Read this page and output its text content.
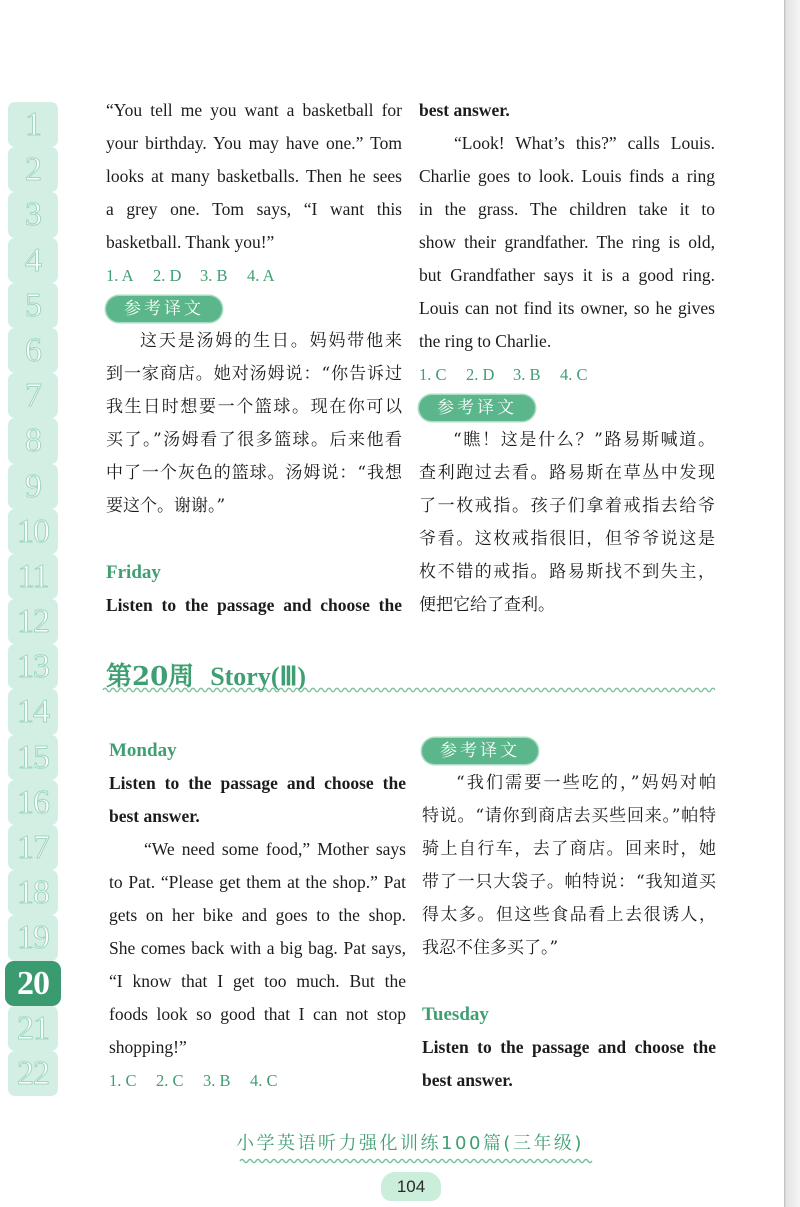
1
2
3
4
5
6
7
8
9
10
11
12
13
14
15
16
17
18
19
20
21
22
“You tell me you want a basketball for
your birthday. You may have one.” Tom
looks at many basketballs. Then he sees
a grey one. Tom says, “I want this
basketball. Thank you!”
1. A 2. D 3. B 4. A
参考译文
这天是汤姆的生日。妈妈带他来
到一家商店。她对汤姆说：“你告诉过
我生日时想要一个篮球。现在你可以
买了。”汤姆看了很多篮球。后来他看
中了一个灰色的篮球。汤姆说：“我想
要这个。谢谢。”
Friday
Listen to the passage and choose the
best answer.
“Look! What’s this?” calls Louis.
Charlie goes to look. Louis finds a ring
in the grass. The children take it to
show their grandfather. The ring is old,
but Grandfather says it is a good ring.
Louis can not find its owner, so he gives
the ring to Charlie.
1. C 2. D 3. B 4. C
参考译文
“瞧！这是什么？”路易斯喊道。
查利跑过去看。路易斯在草丛中发现
了一枚戒指。孩子们拿着戒指去给爷
爷看。这枚戒指很旧，但爷爷说这是
枚不错的戒指。路易斯找不到失主，
便把它给了查利。
第20周 Story(Ⅲ)
Monday
Listen to the passage and choose the
best answer.
“We need some food,” Mother says
to Pat. “Please get them at the shop.” Pat
gets on her bike and goes to the shop.
She comes back with a big bag. Pat says,
“I know that I get too much. But the
foods look so good that I can not stop
shopping!”
1. C 2. C 3. B 4. C
参考译文
“我们需要一些吃的，”妈妈对帕
特说。“请你到商店去买些回来。”帕特
骑上自行车，去了商店。回来时，她
带了一只大袋子。帕特说：“我知道买
得太多。但这些食品看上去很诱人，
我忍不住多买了。”
Tuesday
Listen to the passage and choose the
best answer.
小学英语听力强化训练100篇(三年级)
104
